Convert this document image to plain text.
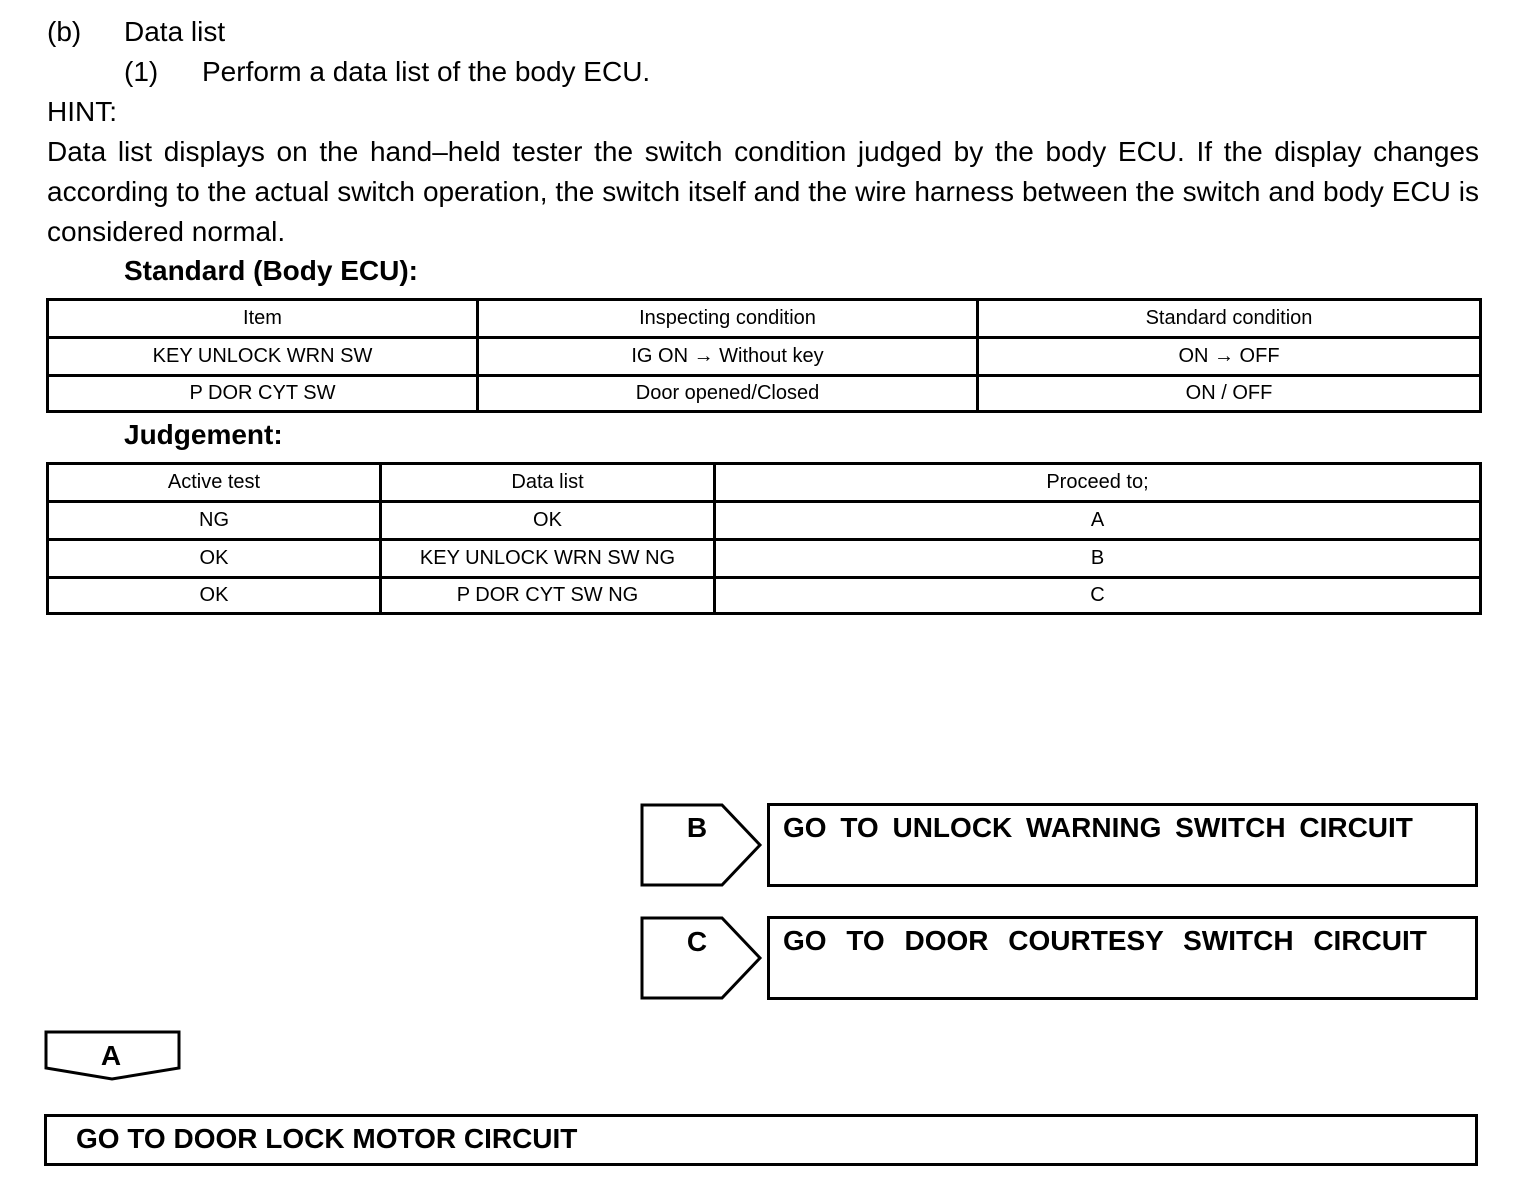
(b) Data list
(1) Perform a data list of the body ECU.
HINT:
Data list displays on the hand–held tester the switch condition judged by the body ECU. If the display changes according to the actual switch operation, the switch itself and the wire harness between the switch and body ECU is considered normal.
Standard (Body ECU):
Item	Inspecting condition	Standard condition
KEY UNLOCK WRN SW	IG ON → Without key	ON → OFF
P DOR CYT SW	Door opened/Closed	ON / OFF
Judgement:
Active test	Data list	Proceed to;
NG	OK	A
OK	KEY UNLOCK WRN SW NG	B
OK	P DOR CYT SW NG	C
B	GO TO UNLOCK WARNING SWITCH CIRCUIT
C	GO TO DOOR COURTESY SWITCH CIRCUIT
A
GO TO DOOR LOCK MOTOR CIRCUIT
